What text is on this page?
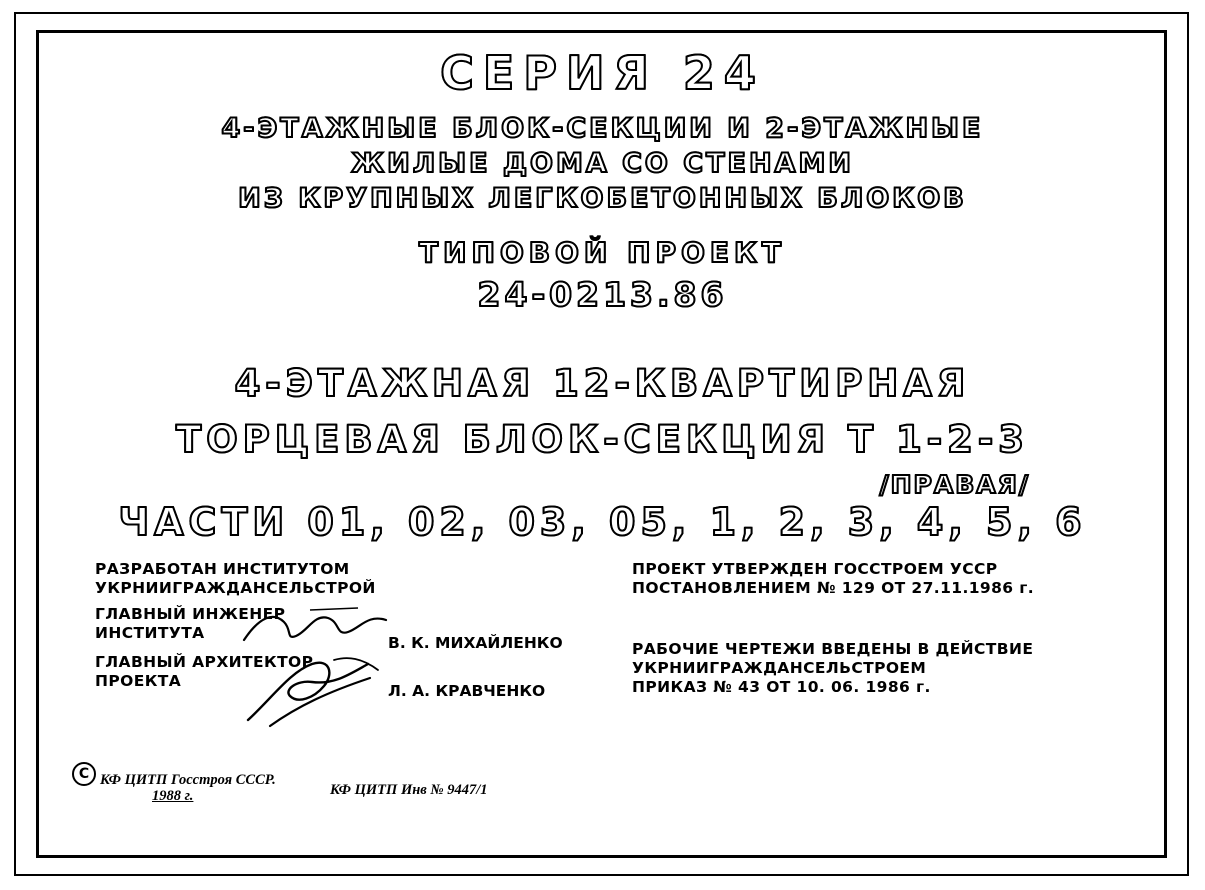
СЕРИЯ 24
4-ЭТАЖНЫЕ БЛОК-СЕКЦИИ И 2-ЭТАЖНЫЕ
ЖИЛЫЕ ДОМА СО СТЕНАМИ
ИЗ КРУПНЫХ ЛЕГКОБЕТОННЫХ БЛОКОВ
ТИПОВОЙ ПРОЕКТ
24-0213.86
4-ЭТАЖНАЯ 12-КВАРТИРНАЯ
ТОРЦЕВАЯ БЛОК-СЕКЦИЯ Т 1-2-3
/ПРАВАЯ/
ЧАСТИ 01, 02, 03, 05, 1, 2, 3, 4, 5, 6
РАЗРАБОТАН ИНСТИТУТОМ
УКРНИИГРАЖДАНСЕЛЬСТРОЙ
ГЛАВНЫЙ ИНЖЕНЕР
ИНСТИТУТА
ГЛАВНЫЙ АРХИТЕКТОР
ПРОЕКТА
В. К. МИХАЙЛЕНКО
Л. А. КРАВЧЕНКО
ПРОЕКТ УТВЕРЖДЕН ГОССТРОЕМ УССР
ПОСТАНОВЛЕНИЕМ № 129 ОТ 27.11.1986 г.
РАБОЧИЕ ЧЕРТЕЖИ ВВЕДЕНЫ В ДЕЙСТВИЕ
УКРНИИГРАЖДАНСЕЛЬСТРОЕМ
ПРИКАЗ № 43 ОТ 10. 06. 1986 г.
C КФ ЦИТП Госстроя СССР.
1988 г.	КФ ЦИТП Инв № 9447/1
